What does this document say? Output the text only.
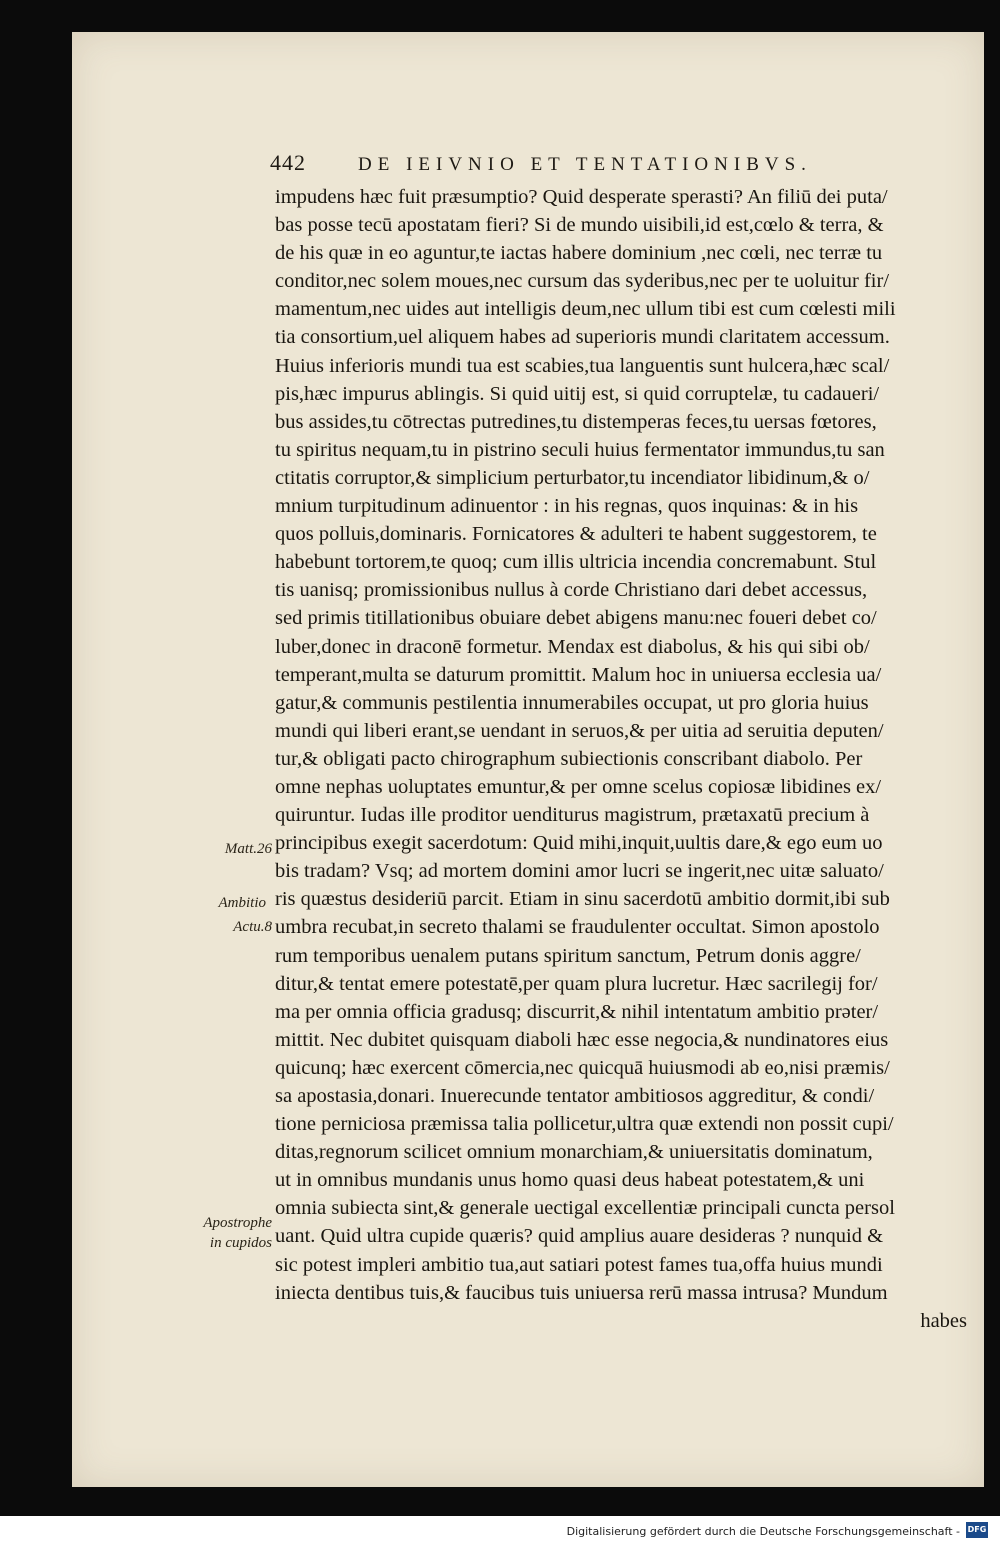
442	DE IEIVNIO ET TENTATIONIBVS.
impudens hæc fuit præsumptio? Quid desperate sperasti? An filiū dei puta/
bas posse tecū apostatam fieri? Si de mundo uisibili,id est,cœlo & terra, &
de his quæ in eo aguntur,te iactas habere dominium ,nec cœli, nec terræ tu
conditor,nec solem moues,nec cursum das syderibus,nec per te uoluitur fir/
mamentum,nec uides aut intelligis deum,nec ullum tibi est cum cœlesti mili
tia consortium,uel aliquem habes ad superioris mundi claritatem accessum.
Huius inferioris mundi tua est scabies,tua languentis sunt hulcera,hæc scal/
pis,hæc impurus ablingis. Si quid uitij est, si quid corruptelæ, tu cadaueri/
bus assides,tu cōtrectas putredines,tu distemperas feces,tu uersas fœtores,
tu spiritus nequam,tu in pistrino seculi huius fermentator immundus,tu san
ctitatis corruptor,& simplicium perturbator,tu incendiator libidinum,& o/
mnium turpitudinum adinuentor : in his regnas, quos inquinas: & in his
quos polluis,dominaris. Fornicatores & adulteri te habent suggestorem, te
habebunt tortorem,te quoq; cum illis ultricia incendia concremabunt. Stul
tis uanisq; promissionibus nullus à corde Christiano dari debet accessus,
sed primis titillationibus obuiare debet abigens manu:nec foueri debet co/
luber,donec in draconē formetur. Mendax est diabolus, & his qui sibi ob/
temperant,multa se daturum promittit. Malum hoc in uniuersa ecclesia ua/
gatur,& communis pestilentia innumerabiles occupat, ut pro gloria huius
mundi qui liberi erant,se uendant in seruos,& per uitia ad seruitia deputen/
tur,& obligati pacto chirographum subiectionis conscribant diabolo. Per
omne nephas uoluptates emuntur,& per omne scelus copiosæ libidines ex/
quiruntur. Iudas ille proditor uenditurus magistrum, prætaxatū precium à
principibus exegit sacerdotum: Quid mihi,inquit,uultis dare,& ego eum uo
bis tradam? Vsq; ad mortem domini amor lucri se ingerit,nec uitæ saluato/
ris quæstus desideriū parcit. Etiam in sinu sacerdotū ambitio dormit,ibi sub
umbra recubat,in secreto thalami se fraudulenter occultat. Simon apostolo
rum temporibus uenalem putans spiritum sanctum, Petrum donis aggre/
ditur,& tentat emere potestatē,per quam plura lucretur. Hæc sacrilegij for/
ma per omnia officia gradusq; discurrit,& nihil intentatum ambitio prәter/
mittit. Nec dubitet quisquam diaboli hæc esse negocia,& nundinatores eius
quicunq; hæc exercent cōmercia,nec quicquā huiusmodi ab eo,nisi præmis/
sa apostasia,donari. Inuerecunde tentator ambitiosos aggreditur, & condi/
tione perniciosa præmissa talia pollicetur,ultra quæ extendi non possit cupi/
ditas,regnorum scilicet omnium monarchiam,& uniuersitatis dominatum,
ut in omnibus mundanis unus homo quasi deus habeat potestatem,& uni
omnia subiecta sint,& generale uectigal excellentiæ principali cuncta persol
uant. Quid ultra cupide quæris? quid amplius auare desideras ? nunquid &
sic potest impleri ambitio tua,aut satiari potest fames tua,offa huius mundi
iniecta dentibus tuis,& faucibus tuis uniuersa rerū massa intrusa? Mundum
habes
Matt.26
Ambitio
Actu.8
Apostrophe
in cupidos
Digitalisierung gefördert durch die Deutsche Forschungsgemeinschaft - DFG
